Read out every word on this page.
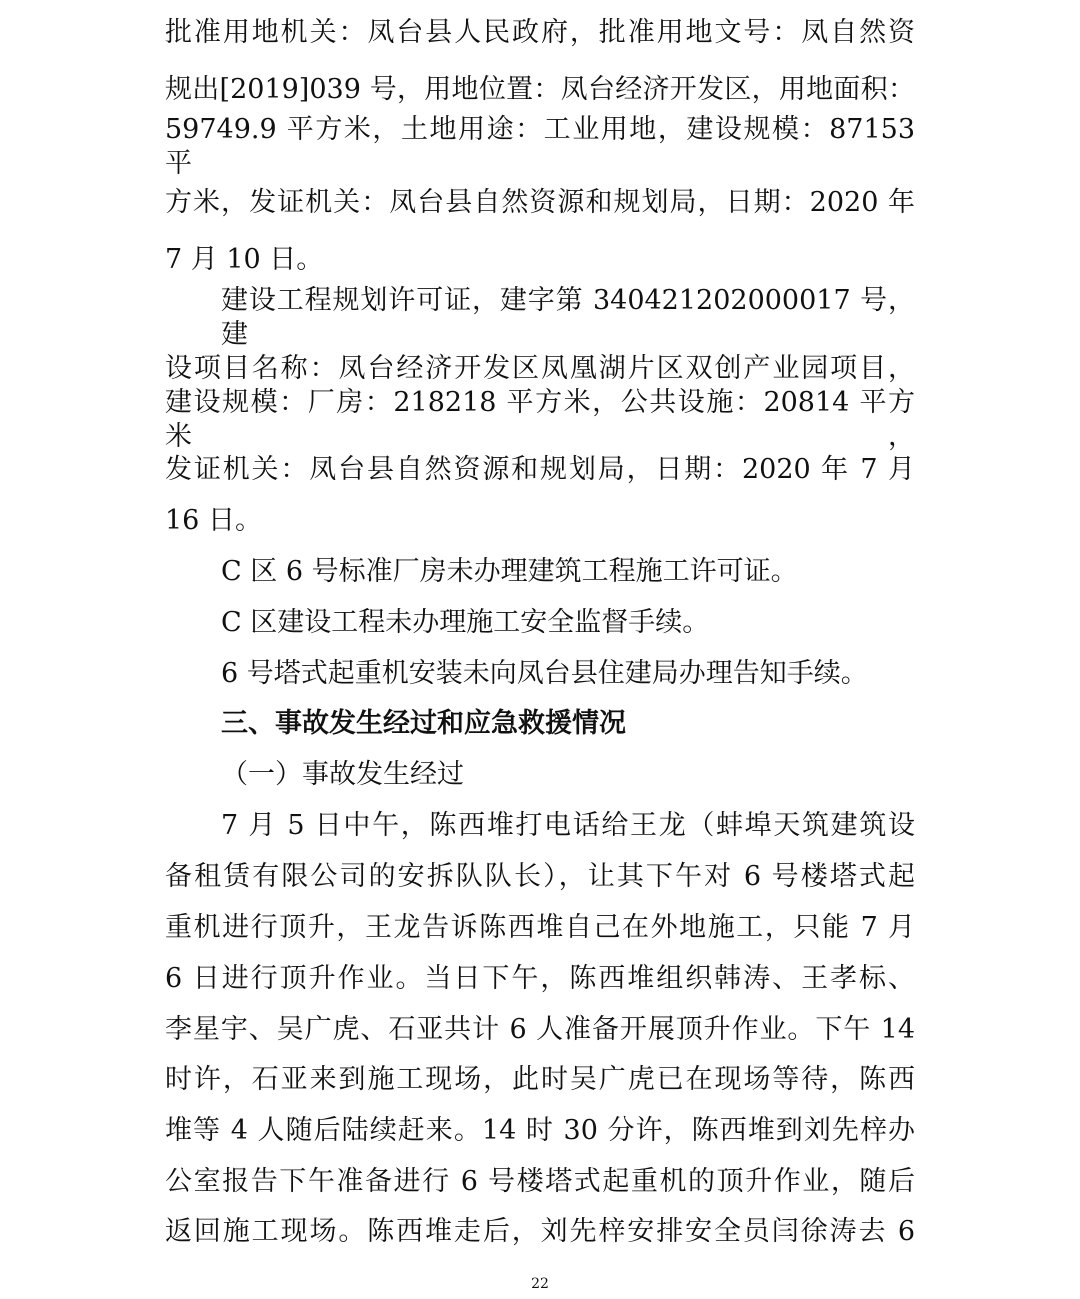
批准用地机关：凤台县人民政府，批准用地文号：凤自然资
规出[2019]039 号，用地位置：凤台经济开发区，用地面积：
59749.9 平方米，土地用途：工业用地，建设规模：87153 平
方米，发证机关：凤台县自然资源和规划局，日期：2020 年
7 月 10 日。
建设工程规划许可证，建字第 340421202000017 号，建
设项目名称：凤台经济开发区凤凰湖片区双创产业园项目，
建设规模：厂房：218218 平方米，公共设施：20814 平方米，
发证机关：凤台县自然资源和规划局，日期：2020 年 7 月
16 日。
C 区 6 号标准厂房未办理建筑工程施工许可证。
C 区建设工程未办理施工安全监督手续。
6 号塔式起重机安装未向凤台县住建局办理告知手续。
三、事故发生经过和应急救援情况
（一）事故发生经过
7 月 5 日中午，陈西堆打电话给王龙（蚌埠天筑建筑设
备租赁有限公司的安拆队队长），让其下午对 6 号楼塔式起
重机进行顶升，王龙告诉陈西堆自己在外地施工，只能 7 月
6 日进行顶升作业。当日下午，陈西堆组织韩涛、王孝标、
李星宇、吴广虎、石亚共计 6 人准备开展顶升作业。下午 14
时许，石亚来到施工现场，此时吴广虎已在现场等待，陈西
堆等 4 人随后陆续赶来。14 时 30 分许，陈西堆到刘先梓办
公室报告下午准备进行 6 号楼塔式起重机的顶升作业，随后
返回施工现场。陈西堆走后，刘先梓安排安全员闫徐涛去 6
22
